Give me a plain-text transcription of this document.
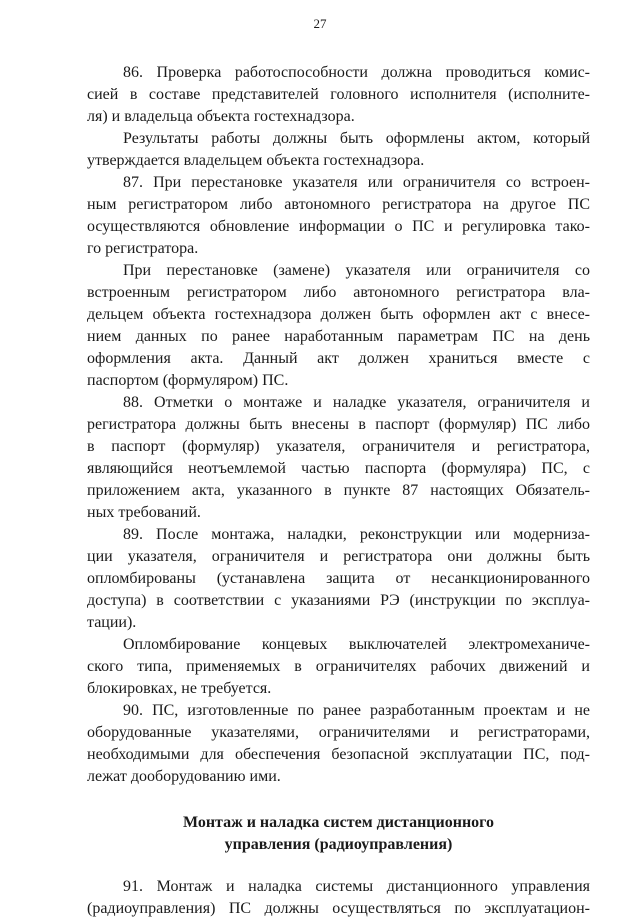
27

86. Проверка работоспособности должна проводиться комис-
сией в составе представителей головного исполнителя (исполните-
ля) и владельца объекта гостехнадзора.

Результаты работы должны быть оформлены актом, который
утверждается владельцем объекта гостехнадзора.

87. При перестановке указателя или ограничителя со встроен-
ным регистратором либо автономного регистратора на другое ПС
осуществляются обновление информации о ПС и регулировка тако-
го регистратора.

При перестановке (замене) указателя или ограничителя со
встроенным регистратором либо автономного регистратора вла-
дельцем объекта гостехнадзора должен быть оформлен акт с внесе-
нием данных по ранее наработанным параметрам ПС на день
оформления акта. Данный акт должен храниться вместе с
паспортом (формуляром) ПС.

88. Отметки о монтаже и наладке указателя, ограничителя и
регистратора должны быть внесены в паспорт (формуляр) ПС либо
в паспорт (формуляр) указателя, ограничителя и регистратора,
являющийся неотъемлемой частью паспорта (формуляра) ПС, с
приложением акта, указанного в пункте 87 настоящих Обязатель-
ных требований.

89. После монтажа, наладки, реконструкции или модерниза-
ции указателя, ограничителя и регистратора они должны быть
опломбированы (устанавлена защита от несанкционированного
доступа) в соответствии с указаниями РЭ (инструкции по эксплуа-
тации).

Опломбирование концевых выключателей электромеханиче-
ского типа, применяемых в ограничителях рабочих движений и
блокировках, не требуется.

90. ПС, изготовленные по ранее разработанным проектам и не
оборудованные указателями, ограничителями и регистраторами,
необходимыми для обеспечения безопасной эксплуатации ПС, под-
лежат дооборудованию ими.

Монтаж и наладка систем дистанционного
управления (радиоуправления)

91. Монтаж и наладка системы дистанционного управления
(радиоуправления) ПС должны осуществляться по эксплуатацион-
